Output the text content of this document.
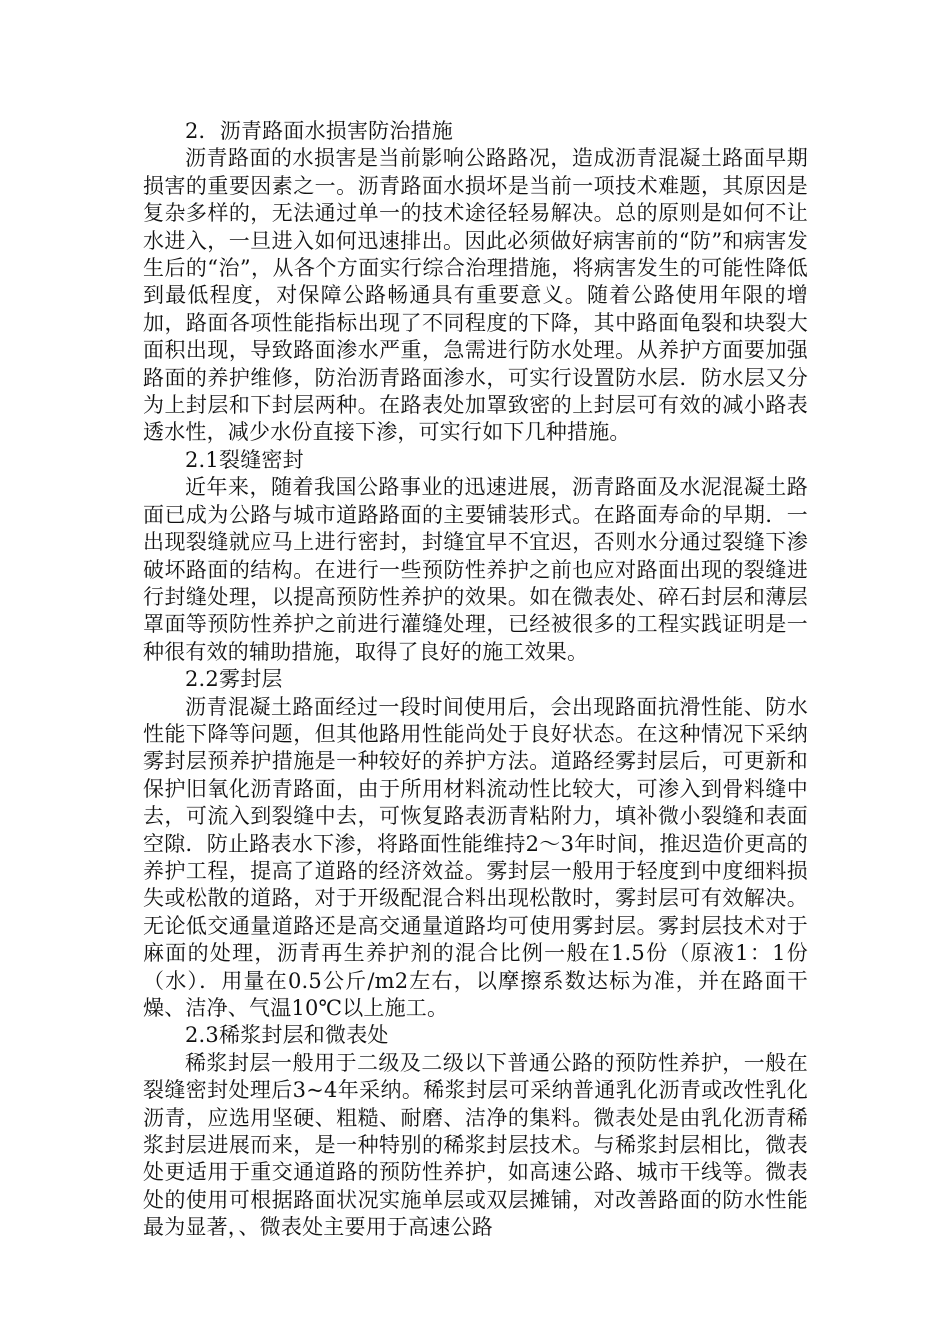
2．沥青路面水损害防治措施

沥青路面的水损害是当前影响公路路况，造成沥青混凝土路面早期损害的重要因素之一。沥青路面水损坏是当前一项技术难题，其原因是复杂多样的，无法通过单一的技术途径轻易解决。总的原则是如何不让水进入，一旦进入如何迅速排出。因此必须做好病害前的“防”和病害发生后的“治”，从各个方面实行综合治理措施，将病害发生的可能性降低到最低程度，对保障公路畅通具有重要意义。随着公路使用年限的增加，路面各项性能指标出现了不同程度的下降，其中路面龟裂和块裂大面积出现，导致路面渗水严重，急需进行防水处理。从养护方面要加强路面的养护维修，防治沥青路面渗水，可实行设置防水层．防水层又分为上封层和下封层两种。在路表处加罩致密的上封层可有效的减小路表透水性，减少水份直接下渗，可实行如下几种措施。

2.1裂缝密封

近年来，随着我国公路事业的迅速进展，沥青路面及水泥混凝土路面已成为公路与城市道路路面的主要铺装形式。在路面寿命的早期．一出现裂缝就应马上进行密封，封缝宜早不宜迟，否则水分通过裂缝下渗破坏路面的结构。在进行一些预防性养护之前也应对路面出现的裂缝进行封缝处理，以提高预防性养护的效果。如在微表处、碎石封层和薄层罩面等预防性养护之前进行灌缝处理，已经被很多的工程实践证明是一种很有效的辅助措施，取得了良好的施工效果。

2.2雾封层

沥青混凝土路面经过一段时间使用后，会出现路面抗滑性能、防水性能下降等问题，但其他路用性能尚处于良好状态。在这种情况下采纳雾封层预养护措施是一种较好的养护方法。道路经雾封层后，可更新和保护旧氧化沥青路面，由于所用材料流动性比较大，可渗入到骨料缝中去，可流入到裂缝中去，可恢复路表沥青粘附力，填补微小裂缝和表面空隙．防止路表水下渗，将路面性能维持2～3年时间，推迟造价更高的养护工程，提高了道路的经济效益。雾封层一般用于轻度到中度细料损失或松散的道路，对于开级配混合料出现松散时，雾封层可有效解决。无论低交通量道路还是高交通量道路均可使用雾封层。雾封层技术对于麻面的处理，沥青再生养护剂的混合比例一般在1.5份（原液1：1份（水）．用量在0.5公斤/m2左右，以摩擦系数达标为准，并在路面干燥、洁净、气温10℃以上施工。

2.3稀浆封层和微表处

稀浆封层一般用于二级及二级以下普通公路的预防性养护，一般在裂缝密封处理后3~4年采纳。稀浆封层可采纳普通乳化沥青或改性乳化沥青，应选用坚硬、粗糙、耐磨、洁净的集料。微表处是由乳化沥青稀浆封层进展而来，是一种特别的稀浆封层技术。与稀浆封层相比，微表处更适用于重交通道路的预防性养护，如高速公路、城市干线等。微表处的使用可根据路面状况实施单层或双层摊铺，对改善路面的防水性能最为显著，、微表处主要用于高速公路
